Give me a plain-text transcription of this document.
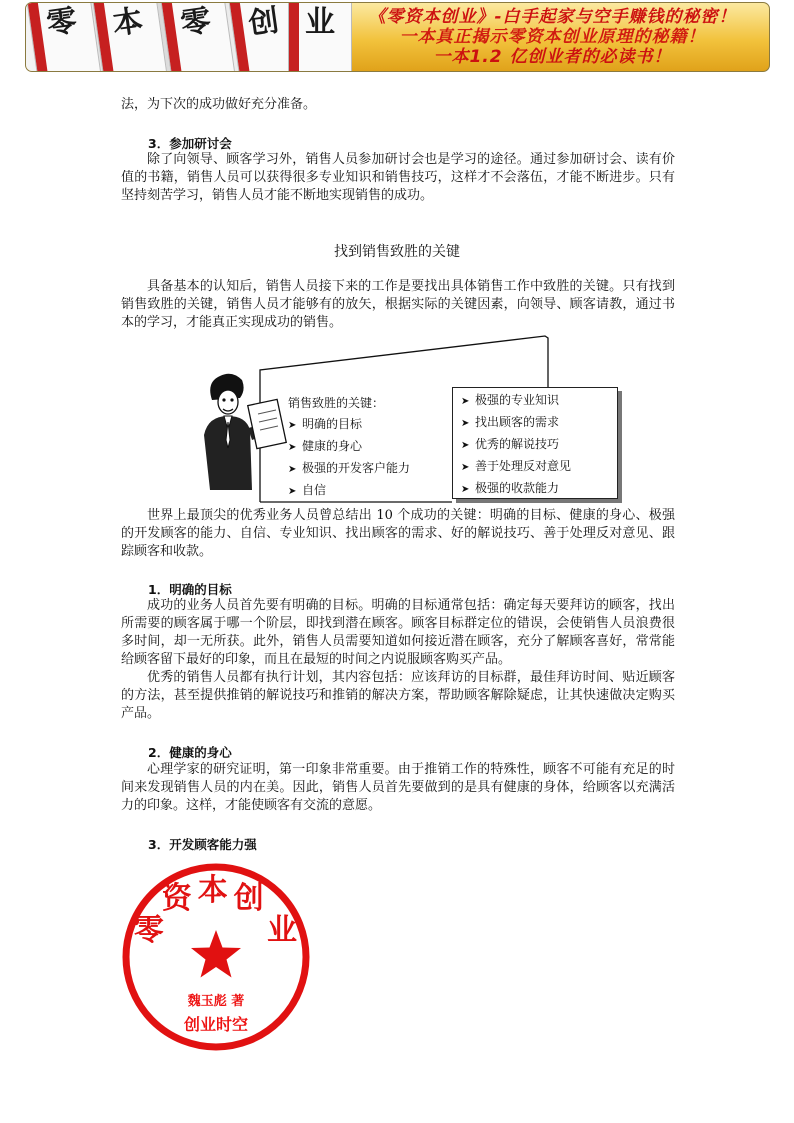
零 本 零 创 业	《零资本创业》-白手起家与空手赚钱的秘密！
一本真正揭示零资本创业原理的秘籍！
一本1.2 亿创业者的必读书！
法，为下次的成功做好充分准备。
3．参加研讨会
除了向领导、顾客学习外，销售人员参加研讨会也是学习的途径。通过参加研讨会、读有价值的书籍，销售人员可以获得很多专业知识和销售技巧，这样才不会落伍，才能不断进步。只有坚持刻苦学习，销售人员才能不断地实现销售的成功。
找到销售致胜的关键
具备基本的认知后，销售人员接下来的工作是要找出具体销售工作中致胜的关键。只有找到销售致胜的关键，销售人员才能够有的放矢，根据实际的关键因素，向领导、顾客请教，通过书本的学习，才能真正实现成功的销售。
销售致胜的关键：
➤ 明确的目标
➤ 健康的身心
➤ 极强的开发客户能力
➤ 自信
➤ 极强的专业知识
➤ 找出顾客的需求
➤ 优秀的解说技巧
➤ 善于处理反对意见
➤ 极强的收款能力
世界上最顶尖的优秀业务人员曾总结出 10 个成功的关键：明确的目标、健康的身心、极强的开发顾客的能力、自信、专业知识、找出顾客的需求、好的解说技巧、善于处理反对意见、跟踪顾客和收款。
1．明确的目标
成功的业务人员首先要有明确的目标。明确的目标通常包括：确定每天要拜访的顾客，找出所需要的顾客属于哪一个阶层，即找到潜在顾客。顾客目标群定位的错误，会使销售人员浪费很多时间，却一无所获。此外，销售人员需要知道如何接近潜在顾客，充分了解顾客喜好，常常能给顾客留下最好的印象，而且在最短的时间之内说服顾客购买产品。
优秀的销售人员都有执行计划，其内容包括：应该拜访的目标群，最佳拜访时间、贴近顾客的方法，甚至提供推销的解说技巧和推销的解决方案，帮助顾客解除疑虑，让其快速做决定购买产品。
2．健康的身心
心理学家的研究证明，第一印象非常重要。由于推销工作的特殊性，顾客不可能有充足的时间来发现销售人员的内在美。因此，销售人员首先要做到的是具有健康的身体，给顾客以充满活力的印象。这样，才能使顾客有交流的意愿。
3．开发顾客能力强
零 资 本 创 业
魏玉彪 著
创业时空
